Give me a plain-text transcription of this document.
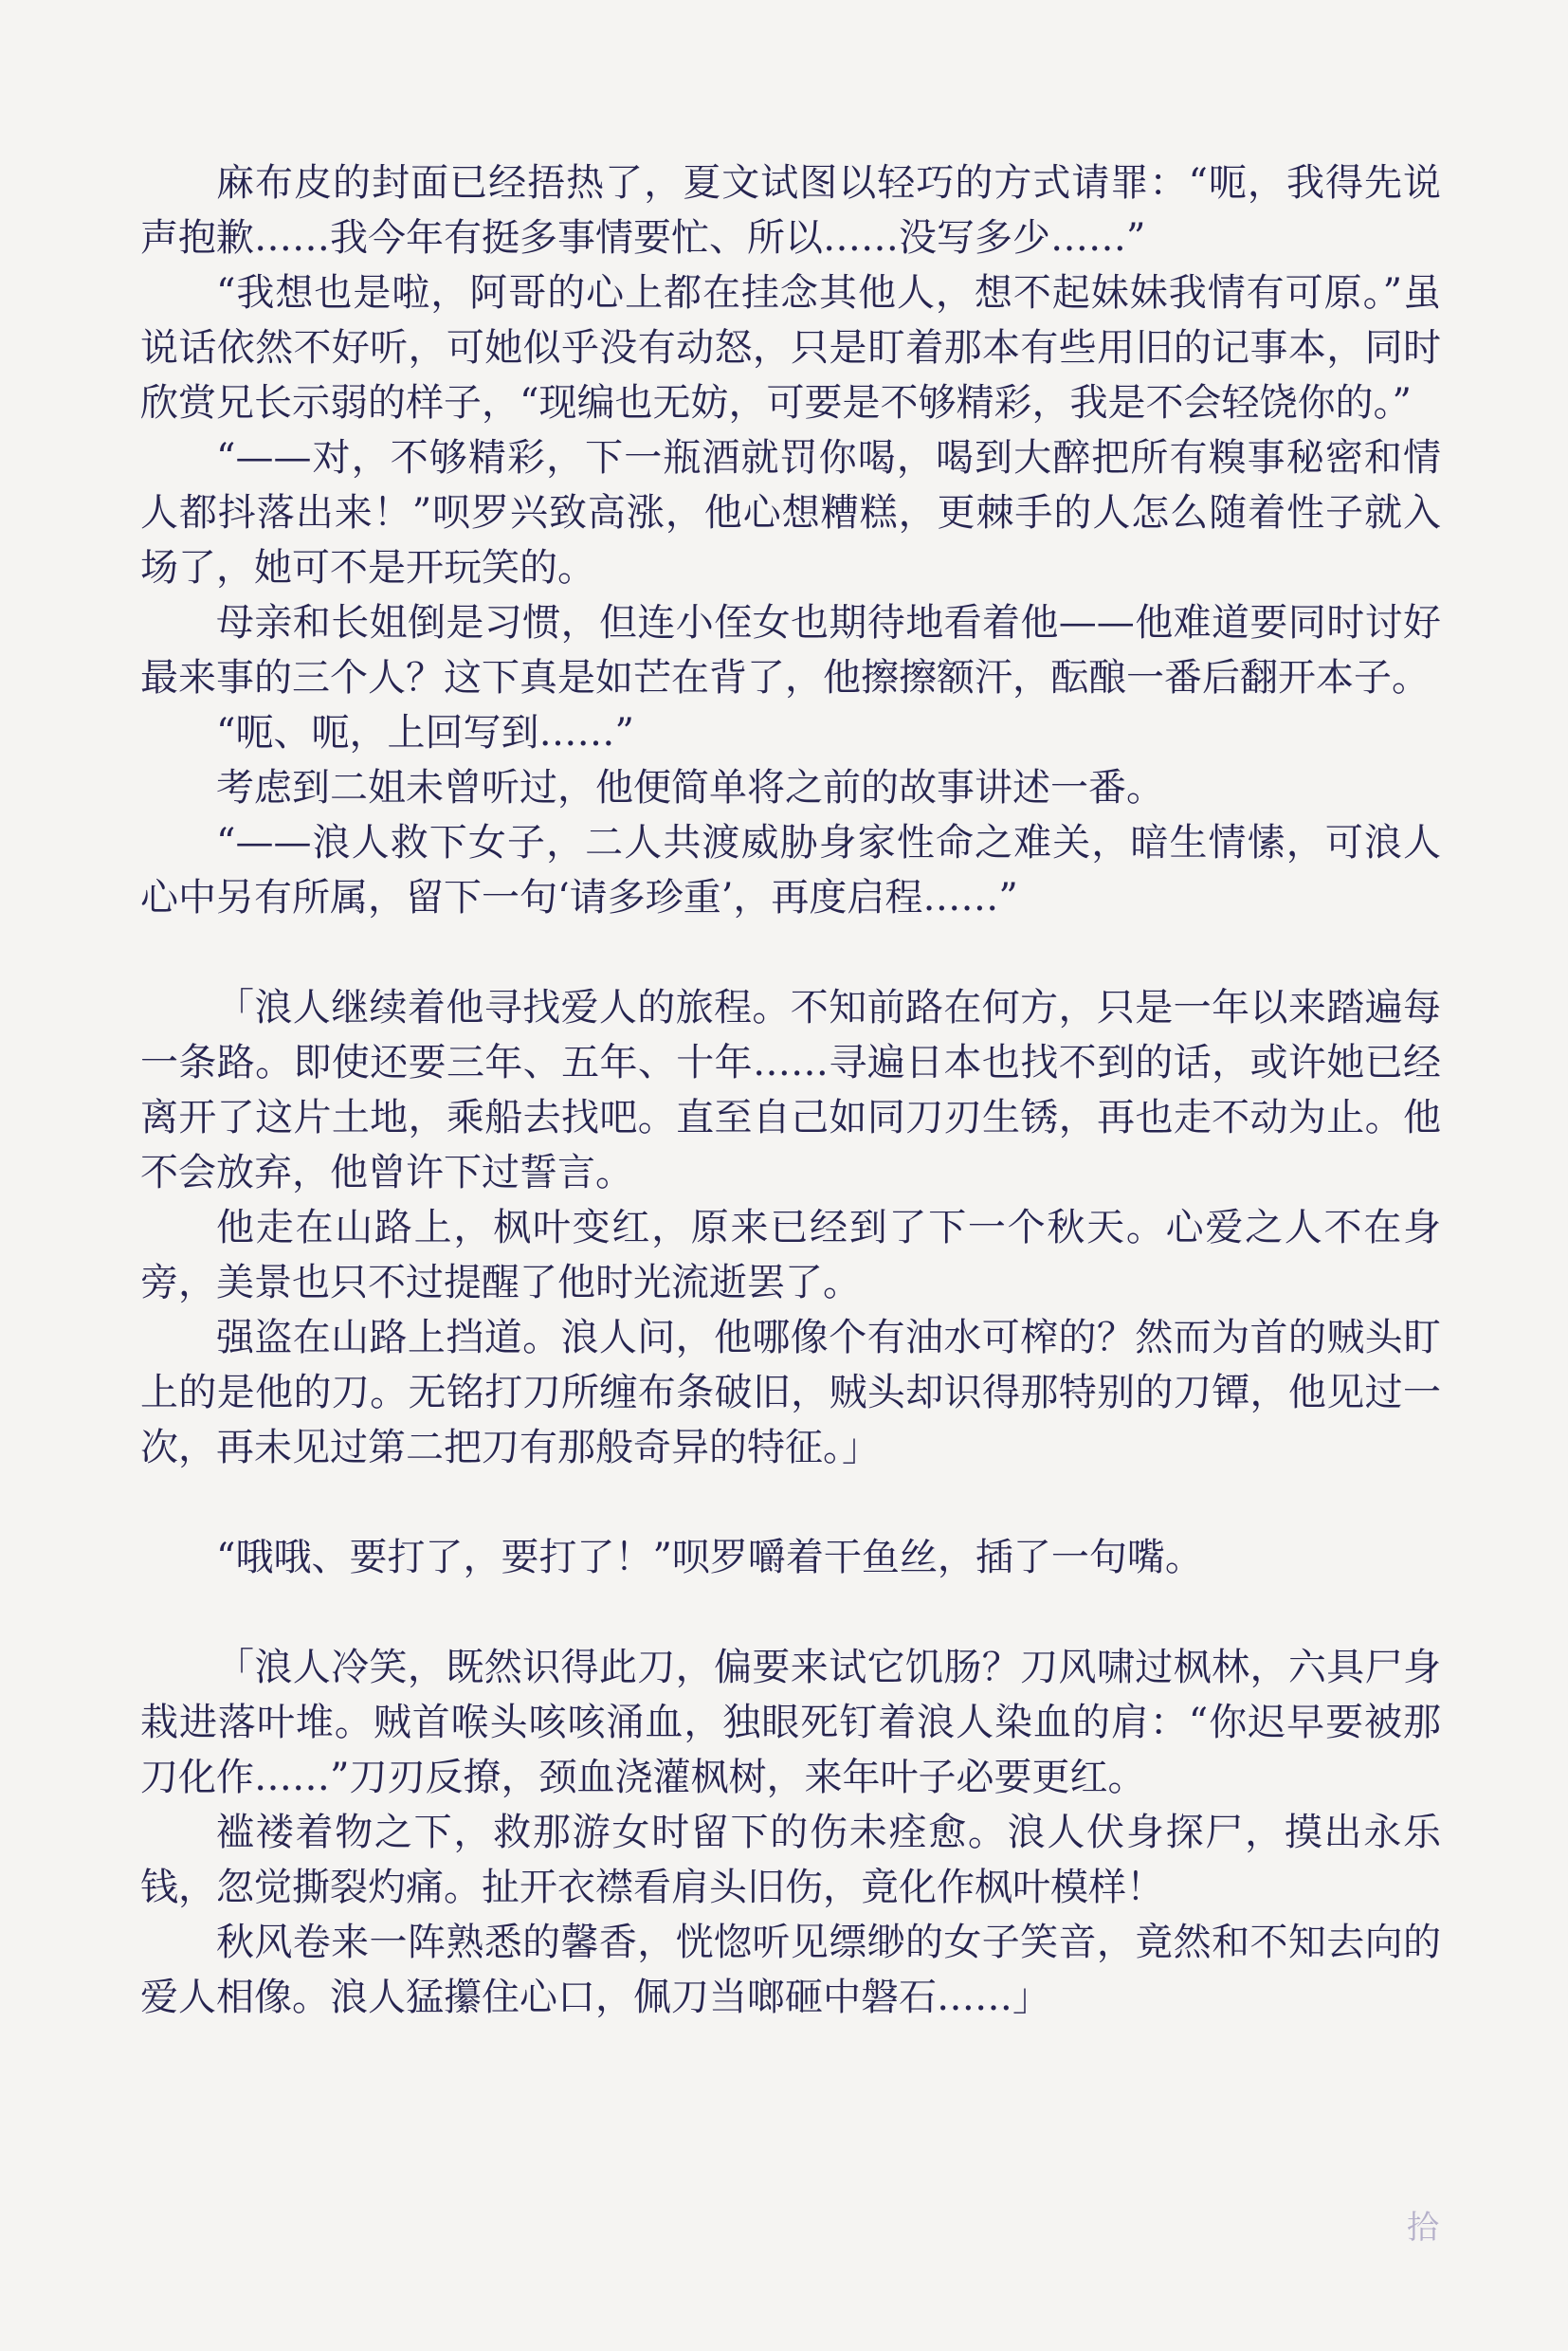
麻布皮的封面已经捂热了，夏文试图以轻巧的方式请罪：“呃，我得先说声抱歉……我今年有挺多事情要忙、所以……没写多少……”

“我想也是啦，阿哥的心上都在挂念其他人，想不起妹妹我情有可原。”虽说话依然不好听，可她似乎没有动怒，只是盯着那本有些用旧的记事本，同时欣赏兄长示弱的样子，“现编也无妨，可要是不够精彩，我是不会轻饶你的。”

“——对，不够精彩，下一瓶酒就罚你喝，喝到大醉把所有糗事秘密和情人都抖落出来！”呗罗兴致高涨，他心想糟糕，更棘手的人怎么随着性子就入场了，她可不是开玩笑的。

母亲和长姐倒是习惯，但连小侄女也期待地看着他——他难道要同时讨好最来事的三个人？这下真是如芒在背了，他擦擦额汗，酝酿一番后翻开本子。

“呃、呃，上回写到……”

考虑到二姐未曾听过，他便简单将之前的故事讲述一番。

“——浪人救下女子，二人共渡威胁身家性命之难关，暗生情愫，可浪人心中另有所属，留下一句‘请多珍重’，再度启程……”

「浪人继续着他寻找爱人的旅程。不知前路在何方，只是一年以来踏遍每一条路。即使还要三年、五年、十年……寻遍日本也找不到的话，或许她已经离开了这片土地，乘船去找吧。直至自己如同刀刃生锈，再也走不动为止。他不会放弃，他曾许下过誓言。

他走在山路上，枫叶变红，原来已经到了下一个秋天。心爱之人不在身旁，美景也只不过提醒了他时光流逝罢了。

强盗在山路上挡道。浪人问，他哪像个有油水可榨的？然而为首的贼头盯上的是他的刀。无铭打刀所缠布条破旧，贼头却识得那特别的刀镡，他见过一次，再未见过第二把刀有那般奇异的特征。」

“哦哦、要打了，要打了！”呗罗嚼着干鱼丝，插了一句嘴。

「浪人冷笑，既然识得此刀，偏要来试它饥肠？刀风啸过枫林，六具尸身栽进落叶堆。贼首喉头咳咳涌血，独眼死钉着浪人染血的肩：“你迟早要被那刀化作……”刀刃反撩，颈血浇灌枫树，来年叶子必要更红。

褴褛着物之下，救那游女时留下的伤未痊愈。浪人伏身探尸，摸出永乐钱，忽觉撕裂灼痛。扯开衣襟看肩头旧伤，竟化作枫叶模样！

秋风卷来一阵熟悉的馨香，恍惚听见缥缈的女子笑音，竟然和不知去向的爱人相像。浪人猛攥住心口，佩刀当啷砸中磐石……」

拾
